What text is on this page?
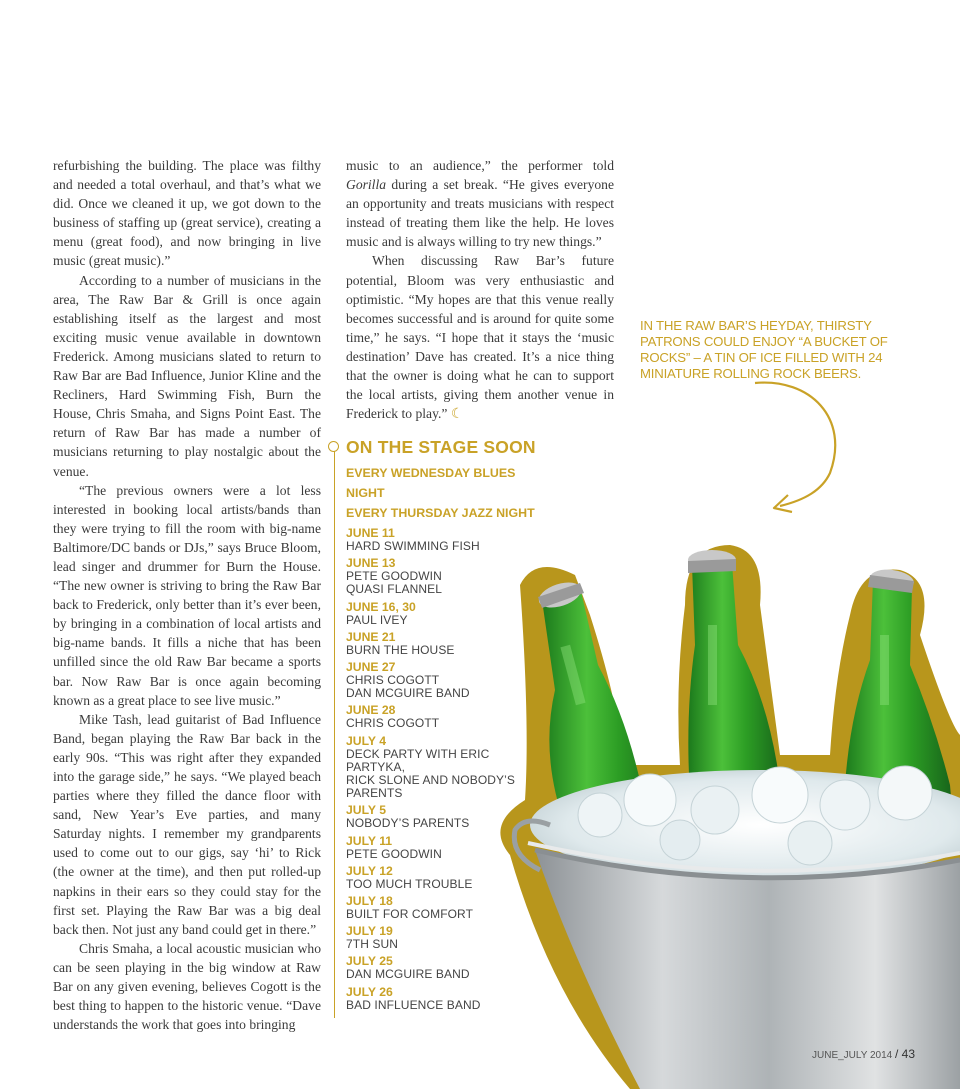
refurbishing the building. The place was filthy and needed a total overhaul, and that’s what we did. Once we cleaned it up, we got down to the business of staffing up (great service), creating a menu (great food), and now bringing in live music (great music).”

According to a number of musicians in the area, The Raw Bar & Grill is once again establishing itself as the largest and most exciting music venue available in downtown Frederick. Among musicians slated to return to Raw Bar are Bad Influence, Junior Kline and the Recliners, Hard Swimming Fish, Burn the House, Chris Smaha, and Signs Point East. The return of Raw Bar has made a number of musicians returning to play nostalgic about the venue.

“The previous owners were a lot less interested in booking local artists/bands than they were trying to fill the room with big-name Baltimore/DC bands or DJs,” says Bruce Bloom, lead singer and drummer for Burn the House. “The new owner is striving to bring the Raw Bar back to Frederick, only better than it’s ever been, by bringing in a combination of local artists and big-name bands. It fills a niche that has been unfilled since the old Raw Bar became a sports bar. Now Raw Bar is once again becoming known as a great place to see live music.”

Mike Tash, lead guitarist of Bad Influence Band, began playing the Raw Bar back in the early 90s. “This was right after they expanded into the garage side,” he says. “We played beach parties where they filled the dance floor with sand, New Year’s Eve parties, and many Saturday nights. I remember my grandparents used to come out to our gigs, say ‘hi’ to Rick (the owner at the time), and then put rolled-up napkins in their ears so they could stay for the first set. Playing the Raw Bar was a big deal back then. Not just any band could get in there.”

Chris Smaha, a local acoustic musician who can be seen playing in the big window at Raw Bar on any given evening, believes Cogott is the best thing to happen to the historic venue. “Dave understands the work that goes into bringing

music to an audience,” the performer told Gorilla during a set break. “He gives everyone an opportunity and treats musicians with respect instead of treating them like the help. He loves music and is always willing to try new things.”

When discussing Raw Bar’s future potential, Bloom was very enthusiastic and optimistic. “My hopes are that this venue really becomes successful and is around for quite some time,” he says. “I hope that it stays the ‘music destination’ Dave has created. It’s a nice thing that the owner is doing what he can to support the local artists, giving them another venue in Frederick to play.” ☾

ON THE STAGE SOON
EVERY WEDNESDAY BLUES NIGHT
EVERY THURSDAY JAZZ NIGHT
JUNE 11
HARD SWIMMING FISH
JUNE 13
PETE GOODWIN
QUASI FLANNEL
JUNE 16, 30
PAUL IVEY
JUNE 21
BURN THE HOUSE
JUNE 27
CHRIS COGOTT
DAN MCGUIRE BAND
JUNE 28
CHRIS COGOTT
JULY 4
DECK PARTY WITH ERIC PARTYKA,
RICK SLONE AND NOBODY’S
PARENTS
JULY 5
NOBODY’S PARENTS
JULY 11
PETE GOODWIN
JULY 12
TOO MUCH TROUBLE
JULY 18
BUILT FOR COMFORT
JULY 19
7TH SUN
JULY 25
DAN MCGUIRE BAND
JULY 26
BAD INFLUENCE BAND
IN THE RAW BAR’S HEYDAY, THIRSTY PATRONS COULD ENJOY “A BUCKET OF ROCKS” – A TIN OF ICE FILLED WITH 24 MINIATURE ROLLING ROCK BEERS.
JUNE_JULY 2014 / 43
